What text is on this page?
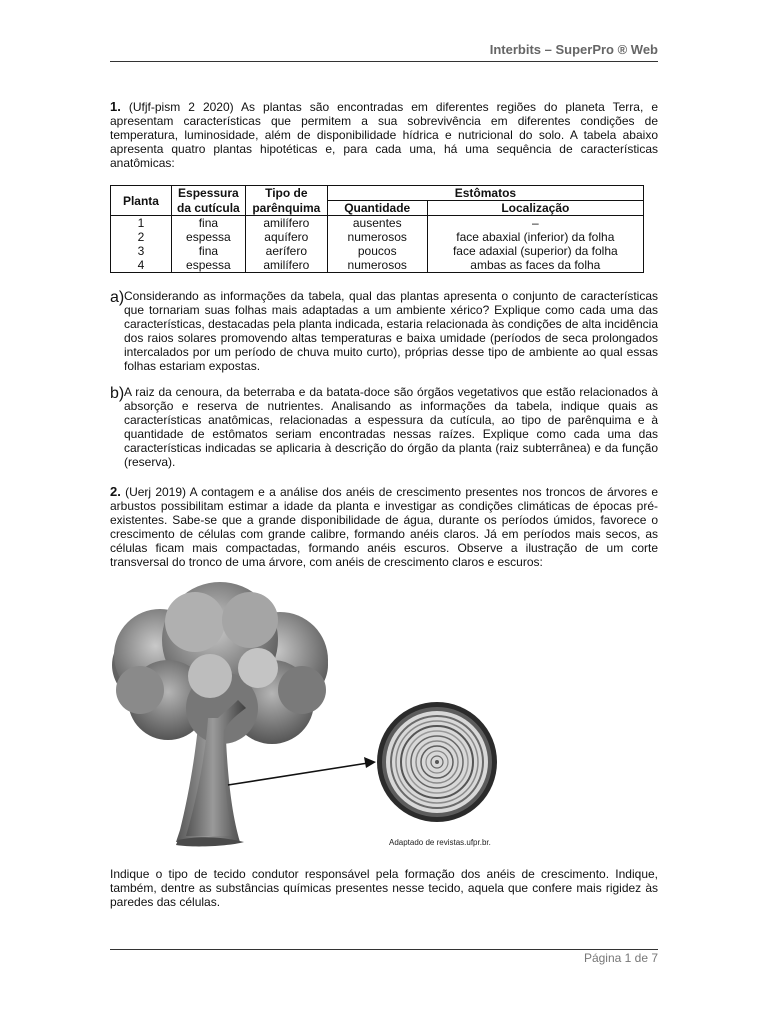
Interbits – SuperPro ® Web

1. (Ufjf-pism 2 2020) As plantas são encontradas em diferentes regiões do planeta Terra, e apresentam características que permitem a sua sobrevivência em diferentes condições de temperatura, luminosidade, além de disponibilidade hídrica e nutricional do solo. A tabela abaixo apresenta quatro plantas hipotéticas e, para cada uma, há uma sequência de características anatômicas:

Planta	Espessura	Tipo de	Estômatos	
	da cutícula	parênquima	Quantidade	Localização
1	fina	amilífero	ausentes	–
2	espessa	aquífero	numerosos	face abaxial (inferior) da folha
3	fina	aerífero	poucos	face adaxial (superior) da folha
4	espessa	amilífero	numerosos	ambas as faces da folha
a) Considerando as informações da tabela, qual das plantas apresenta o conjunto de características que tornariam suas folhas mais adaptadas a um ambiente xérico? Explique como cada uma das características, destacadas pela planta indicada, estaria relacionada às condições de alta incidência dos raios solares promovendo altas temperaturas e baixa umidade (períodos de seca prolongados intercalados por um período de chuva muito curto), próprias desse tipo de ambiente ao qual essas folhas estariam expostas.

b) A raiz da cenoura, da beterraba e da batata-doce são órgãos vegetativos que estão relacionados à absorção e reserva de nutrientes. Analisando as informações da tabela, indique quais as características anatômicas, relacionadas a espessura da cutícula, ao tipo de parênquima e à quantidade de estômatos seriam encontradas nessas raízes. Explique como cada uma das características indicadas se aplicaria à descrição do órgão da planta (raiz subterrânea) e da função (reserva).

2. (Uerj 2019) A contagem e a análise dos anéis de crescimento presentes nos troncos de árvores e arbustos possibilitam estimar a idade da planta e investigar as condições climáticas de épocas pré-existentes. Sabe-se que a grande disponibilidade de água, durante os períodos úmidos, favorece o crescimento de células com grande calibre, formando anéis claros. Já em períodos mais secos, as células ficam mais compactadas, formando anéis escuros. Observe a ilustração de um corte transversal do tronco de uma árvore, com anéis de crescimento claros e escuros:

Adaptado de revistas.ufpr.br.

Indique o tipo de tecido condutor responsável pela formação dos anéis de crescimento. Indique, também, dentre as substâncias químicas presentes nesse tecido, aquela que confere mais rigidez às paredes das células.

Página 1 de 7
